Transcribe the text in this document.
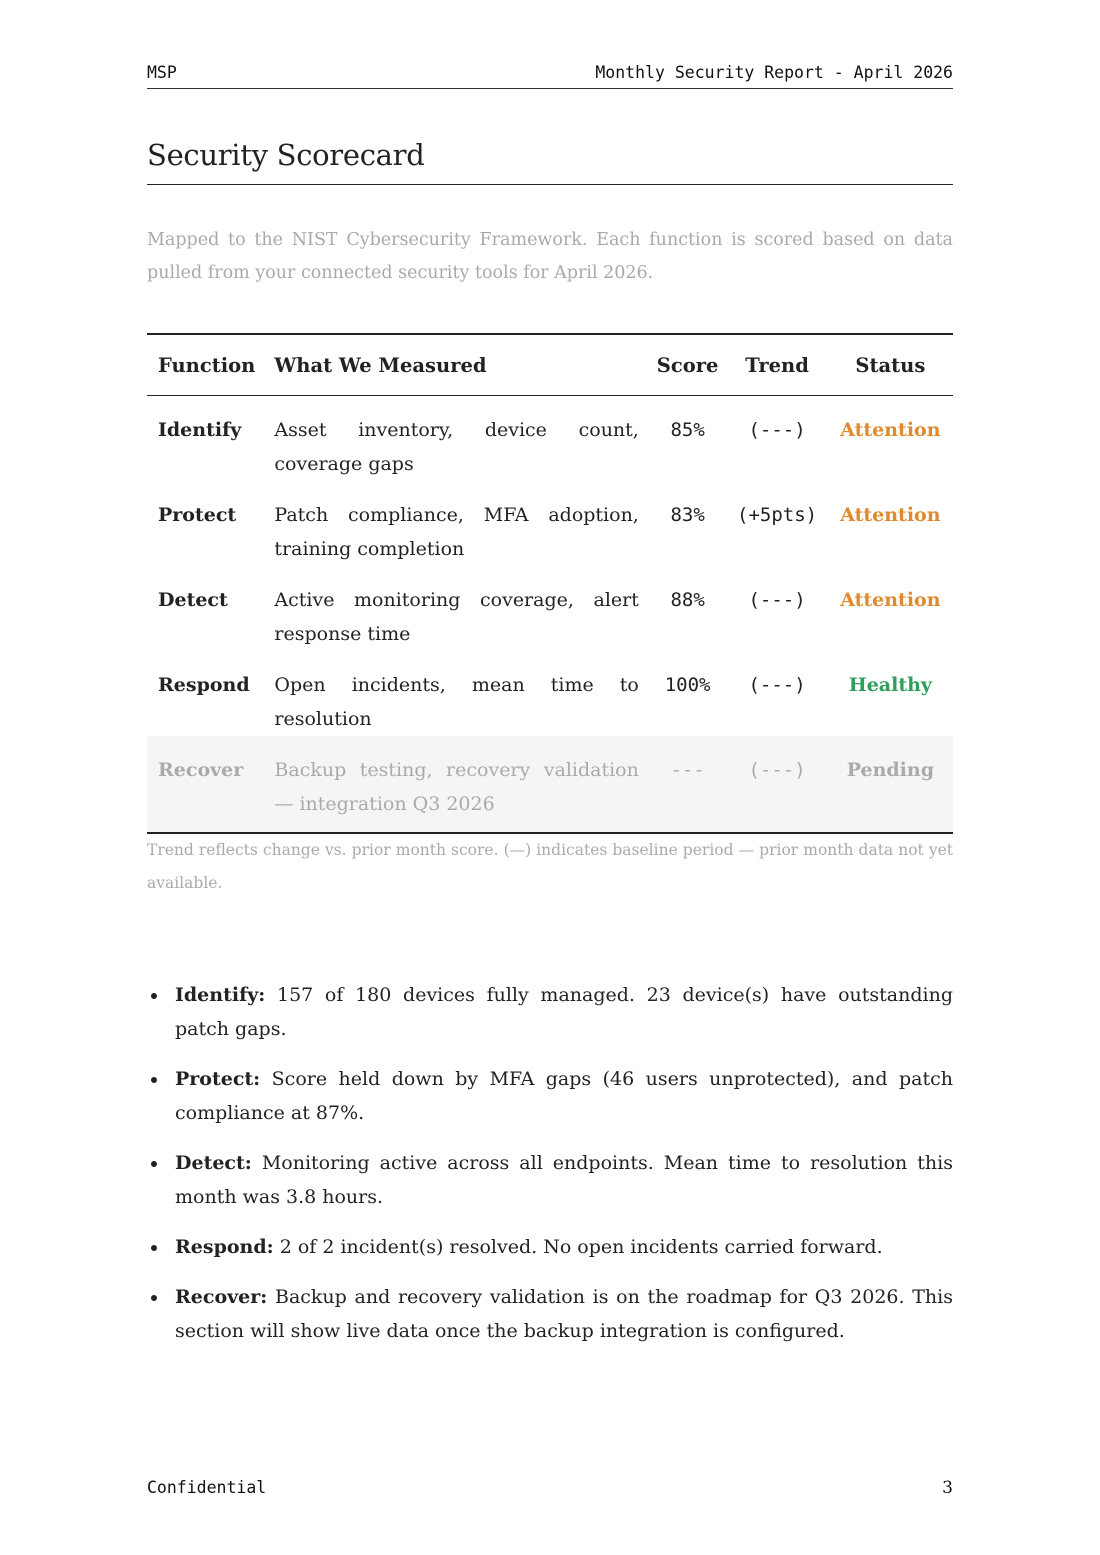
MSP	Monthly Security Report - April 2026
Security Scorecard

Mapped to the NIST Cybersecurity Framework. Each function is scored based on data pulled from your connected security tools for April 2026.

Function	What We Measured	Score	Trend	Status
Identify	Asset inventory, device count, coverage gaps	85%	(---)	Attention
Protect	Patch compliance, MFA adoption, training completion	83%	(+5pts)	Attention
Detect	Active monitoring coverage, alert response time	88%	(---)	Attention
Respond	Open incidents, mean time to resolution	100%	(---)	Healthy
Recover	Backup testing, recovery validation — integration Q3 2026	---	(---)	Pending

Trend reflects change vs. prior month score. (—) indicates baseline period — prior month data not yet available.

Identify: 157 of 180 devices fully managed. 23 device(s) have outstanding patch gaps.
Protect: Score held down by MFA gaps (46 users unprotected), and patch compliance at 87%.
Detect: Monitoring active across all endpoints. Mean time to resolution this month was 3.8 hours.
Respond: 2 of 2 incident(s) resolved. No open incidents carried forward.
Recover: Backup and recovery validation is on the roadmap for Q3 2026. This section will show live data once the backup integration is configured.
Confidential	3
